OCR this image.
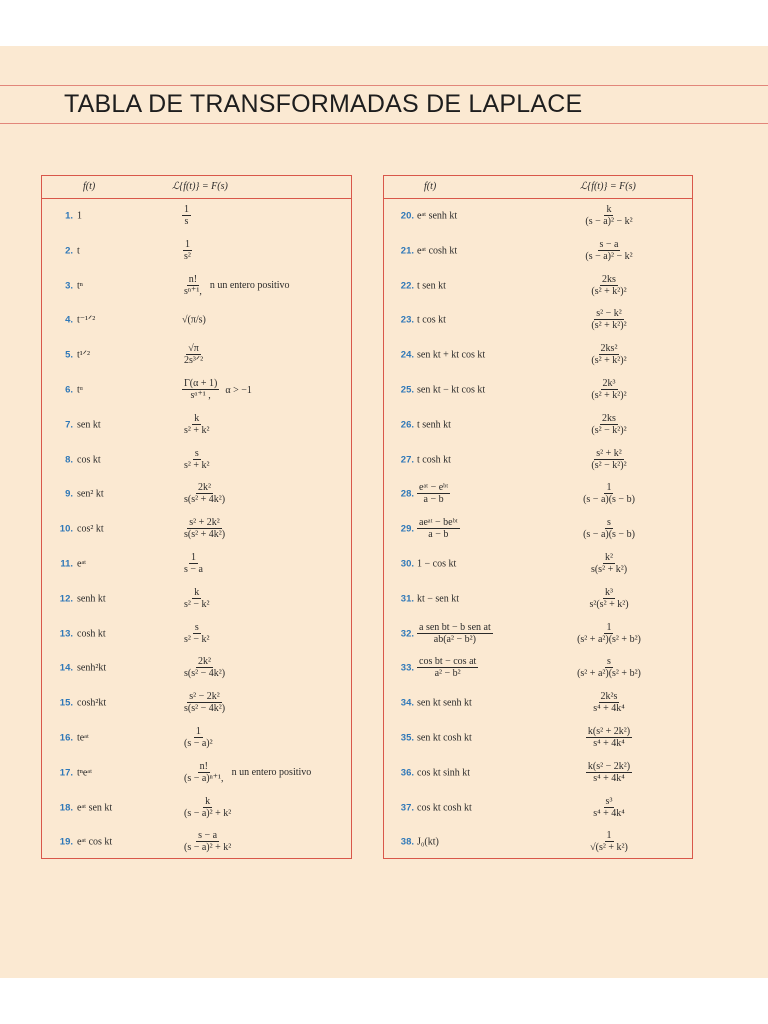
TABLA DE TRANSFORMADAS DE LAPLACE
f(t)	ℒ{f(t)} = F(s)
1. 1	$\frac{1}{s}$
2. t	$\frac{1}{\text{s²}}$
3. tⁿ	$\frac{n!}{\text{sⁿ⁺¹,}}$ n un entero positivo
4. t⁻¹ᐟ²	√(π/s)
5. t¹ᐟ²	$\frac{√\pi}{\text{2s³ᐟ²}}$
6. tᵅ	$\frac{\Gamma(\alpha + 1)}{\text{sᵅ⁺¹ ,}}$ α > −1
7. sen kt	$\frac{k}{\text{s² + k²}}$
8. cos kt	$\frac{s}{\text{s² + k²}}$
9. sen² kt	$\frac{\text{2k²}}{\text{s(s² + 4k²)}}$
10. cos² kt	$\frac{\text{s² + 2k²}}{\text{s(s² + 4k²)}}$
11. eᵃᵗ	$\frac{1}{s - a}$
12. senh kt	$\frac{k}{\text{s² − k²}}$
13. cosh kt	$\frac{s}{\text{s² − k²}}$
14. senh²kt	$\frac{\text{2k²}}{\text{s(s² − 4k²)}}$
15. cosh²kt	$\frac{\text{s² − 2k²}}{\text{s(s² − 4k²)}}$
16. teᵃᵗ	$\frac{1}{\text{(s − a)²}}$
17. tⁿeᵃᵗ	$\frac{n!}{\text{(s − a)ⁿ⁺¹,}}$ n un entero positivo
18. eᵃᵗ sen kt	$\frac{k}{\text{(s − a)² + k²}}$
19. eᵃᵗ cos kt	$\frac{s - a}{\text{(s − a)² + k²}}$
f(t)	ℒ{f(t)} = F(s)
20. eᵃᵗ senh kt	$\frac{k}{\text{(s − a)² − k²}}$
21. eᵃᵗ cosh kt	$\frac{s - a}{\text{(s − a)² − k²}}$
22. t sen kt	$\frac{2ks}{\text{(s² + k²)²}}$
23. t cos kt	$\frac{\text{s² − k²}}{\text{(s² + k²)²}}$
24. sen kt + kt cos kt	$\frac{\text{2ks²}}{\text{(s² + k²)²}}$
25. sen kt − kt cos kt	$\frac{\text{2k³}}{\text{(s² + k²)²}}$
26. t senh kt	$\frac{2ks}{\text{(s² − k²)²}}$
27. t cosh kt	$\frac{\text{s² + k²}}{\text{(s² − k²)²}}$
28. $\frac{\text{eᵃᵗ − eᵇᵗ}}{a - b}$	$\frac{1}{(s - a)(s - b)}$
29. $\frac{\text{aeᵃᵗ − beᵇᵗ}}{a - b}$	$\frac{s}{(s - a)(s - b)}$
30. 1 − cos kt	$\frac{\text{k²}}{\text{s(s² + k²)}}$
31. kt − sen kt	$\frac{\text{k³}}{\text{s²(s² + k²)}}$
32. $\frac{\text{a sen bt − b sen at}}{\text{ab(a² − b²)}}$	$\frac{1}{\text{(s² + a²)(s² + b²)}}$
33. $\frac{\text{cos bt − cos at}}{\text{a² − b²}}$	$\frac{s}{\text{(s² + a²)(s² + b²)}}$
34. sen kt senh kt	$\frac{\text{2k²s}}{\text{s⁴ + 4k⁴}}$
35. sen kt cosh kt	$\frac{\text{k(s² + 2k²)}}{\text{s⁴ + 4k⁴}}$
36. cos kt sinh kt	$\frac{\text{k(s² − 2k²)}}{\text{s⁴ + 4k⁴}}$
37. cos kt cosh kt	$\frac{\text{s³}}{\text{s⁴ + 4k⁴}}$
38. J₀(kt)	$\frac{1}{\text{√(s² + k²)}}$
